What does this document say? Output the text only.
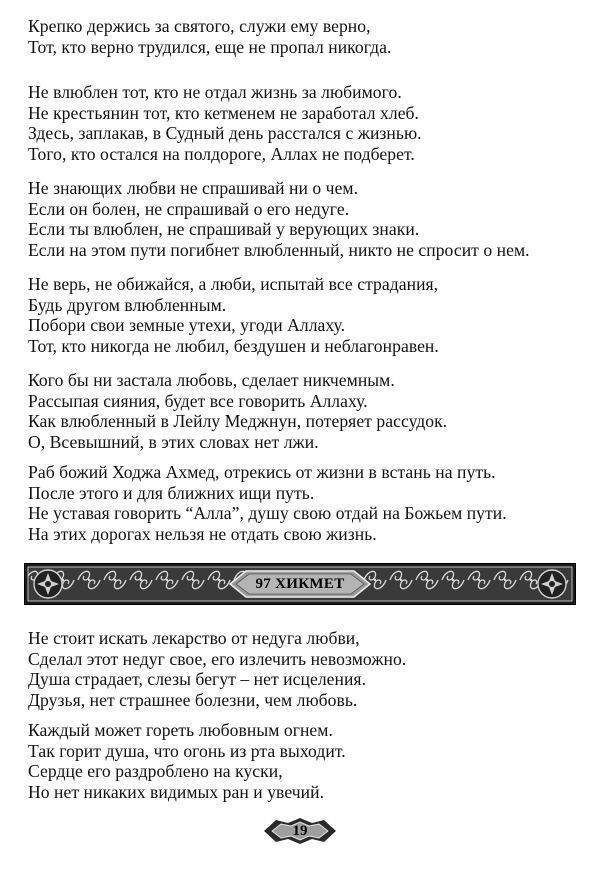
Крепко держись за святого, служи ему верно,
Тот, кто верно трудился, еще не пропал никогда.
Не влюблен тот, кто не отдал жизнь за любимого.
Не крестьянин тот, кто кетменем не заработал хлеб.
Здесь, заплакав, в Судный день расстался с жизнью.
Того, кто остался на полдороге, Аллах не подберет.
Не знающих любви не спрашивай ни о чем.
Если он болен, не спрашивай о его недуге.
Если ты влюблен, не спрашивай у верующих знаки.
Если на этом пути погибнет влюбленный, никто не спросит о нем.
Не верь, не обижайся, а люби, испытай все страдания,
Будь другом влюбленным.
Побори свои земные утехи, угоди Аллаху.
Тот, кто никогда не любил, бездушен и неблагонравен.
Кого бы ни застала любовь, сделает никчемным.
Рассыпая сияния, будет все говорить Аллаху.
Как влюбленный в Лейлу Меджнун, потеряет рассудок.
О, Всевышний, в этих словах нет лжи.
Раб божий Ходжа Ахмед, отрекись от жизни в встань на путь.
После этого и для ближних ищи путь.
Не уставая говорить “Алла”, душу свою отдай на Божьем пути.
На этих дорогах нельзя не отдать свою жизнь.
97 ХИКМЕТ
Не стоит искать лекарство от недуга любви,
Сделал этот недуг свое, его излечить невозможно.
Душа страдает, слезы бегут – нет исцеления.
Друзья, нет страшнее болезни, чем любовь.
Каждый может гореть любовным огнем.
Так горит душа, что огонь из рта выходит.
Сердце его раздроблено на куски,
Но нет никаких видимых ран и увечий.
19
